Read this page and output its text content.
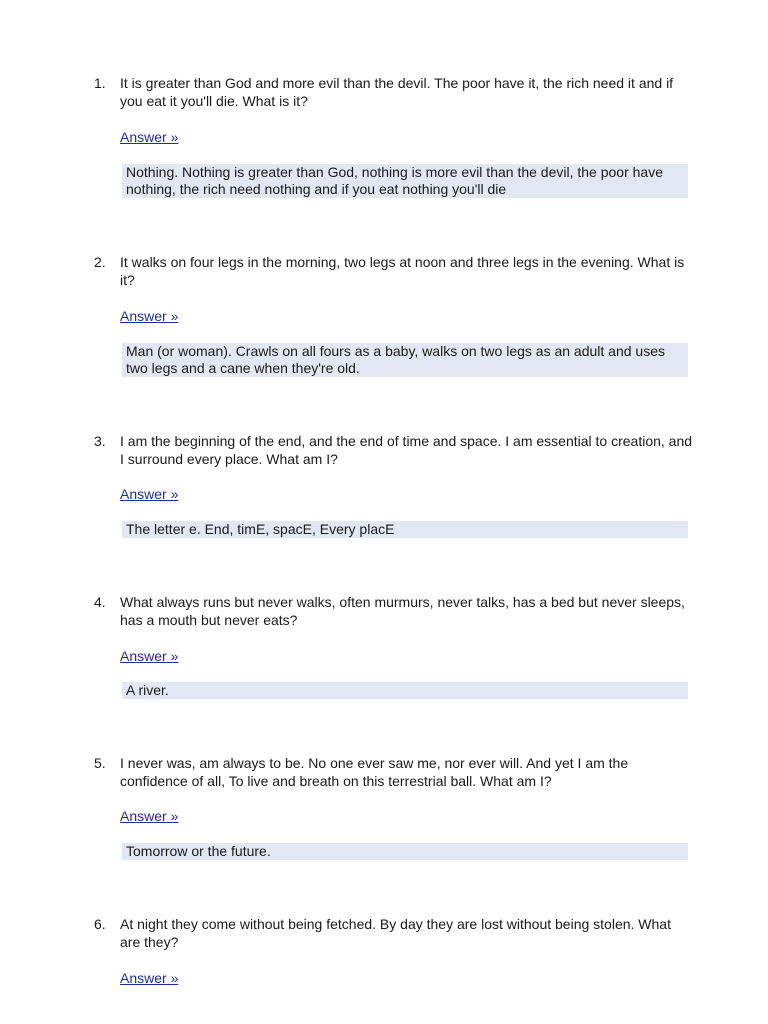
1.	It is greater than God and more evil than the devil. The poor have it, the rich need it and if you eat it you'll die. What is it?

Answer »
Nothing. Nothing is greater than God, nothing is more evil than the devil, the poor have nothing, the rich need nothing and if you eat nothing you'll die
2.	It walks on four legs in the morning, two legs at noon and three legs in the evening. What is it?

Answer »
Man (or woman). Crawls on all fours as a baby, walks on two legs as an adult and uses two legs and a cane when they're old.
3.	I am the beginning of the end, and the end of time and space. I am essential to creation, and I surround every place. What am I?

Answer »
The letter e. End, timE, spacE, Every placE
4.	What always runs but never walks, often murmurs, never talks, has a bed but never sleeps, has a mouth but never eats?

Answer »
A river.
5.	I never was, am always to be. No one ever saw me, nor ever will. And yet I am the confidence of all, To live and breath on this terrestrial ball. What am I?

Answer »
Tomorrow or the future.
6.	At night they come without being fetched. By day they are lost without being stolen. What are they?

Answer »
